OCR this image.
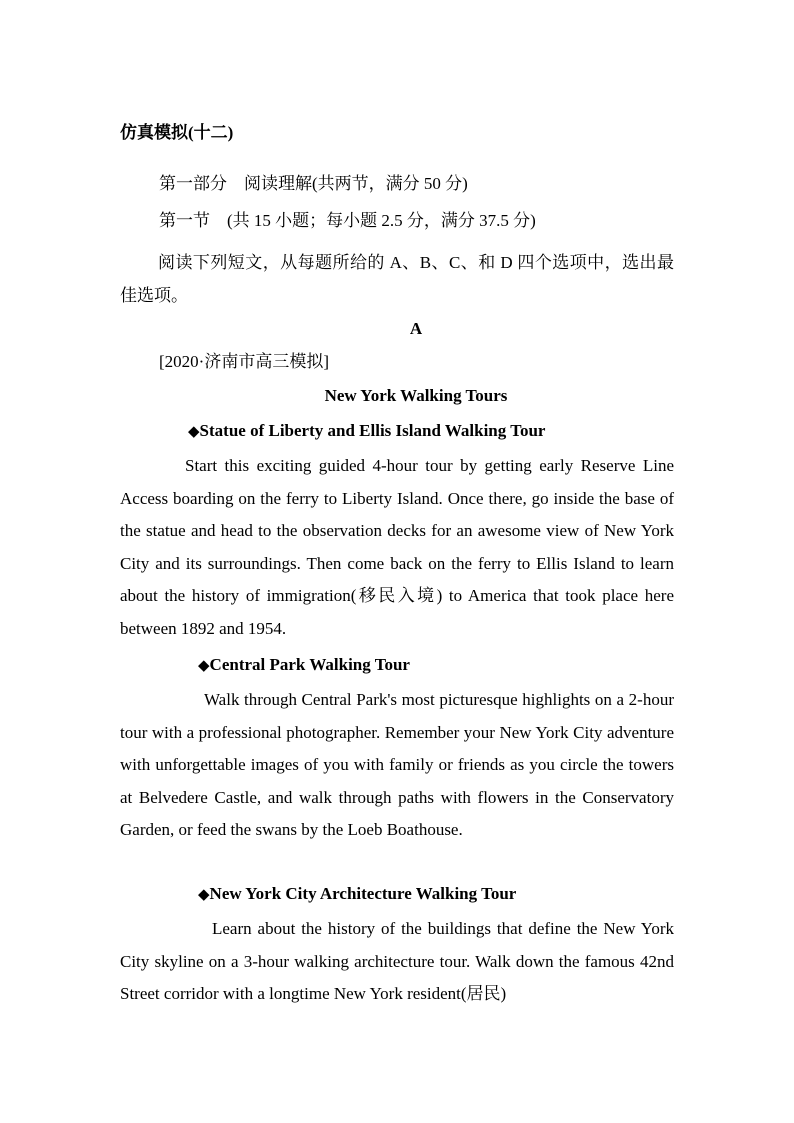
仿真模拟(十二)
第一部分　阅读理解(共两节，满分 50 分)
第一节　(共 15 小题；每小题 2.5 分，满分 37.5 分)
阅读下列短文，从每题所给的 A、B、C、和 D 四个选项中，选出最佳选项。
A
[2020·济南市高三模拟]
New York Walking Tours
◆Statue of Liberty and Ellis Island Walking Tour
Start this exciting guided 4-hour tour by getting early Reserve Line Access boarding on the ferry to Liberty Island. Once there, go inside the base of the statue and head to the observation decks for an awesome view of New York City and its surroundings. Then come back on the ferry to Ellis Island to learn about the history of immigration(移民入境) to America that took place here between 1892 and 1954.
◆Central Park Walking Tour
Walk through Central Park's most picturesque highlights on a 2-hour tour with a professional photographer. Remember your New York City adventure with unforgettable images of you with family or friends as you circle the towers at Belvedere Castle, and walk through paths with flowers in the Conservatory Garden, or feed the swans by the Loeb Boathouse.
◆New York City Architecture Walking Tour
Learn about the history of the buildings that define the New York City skyline on a 3-hour walking architecture tour. Walk down the famous 42nd Street corridor with a longtime New York resident(居民)
